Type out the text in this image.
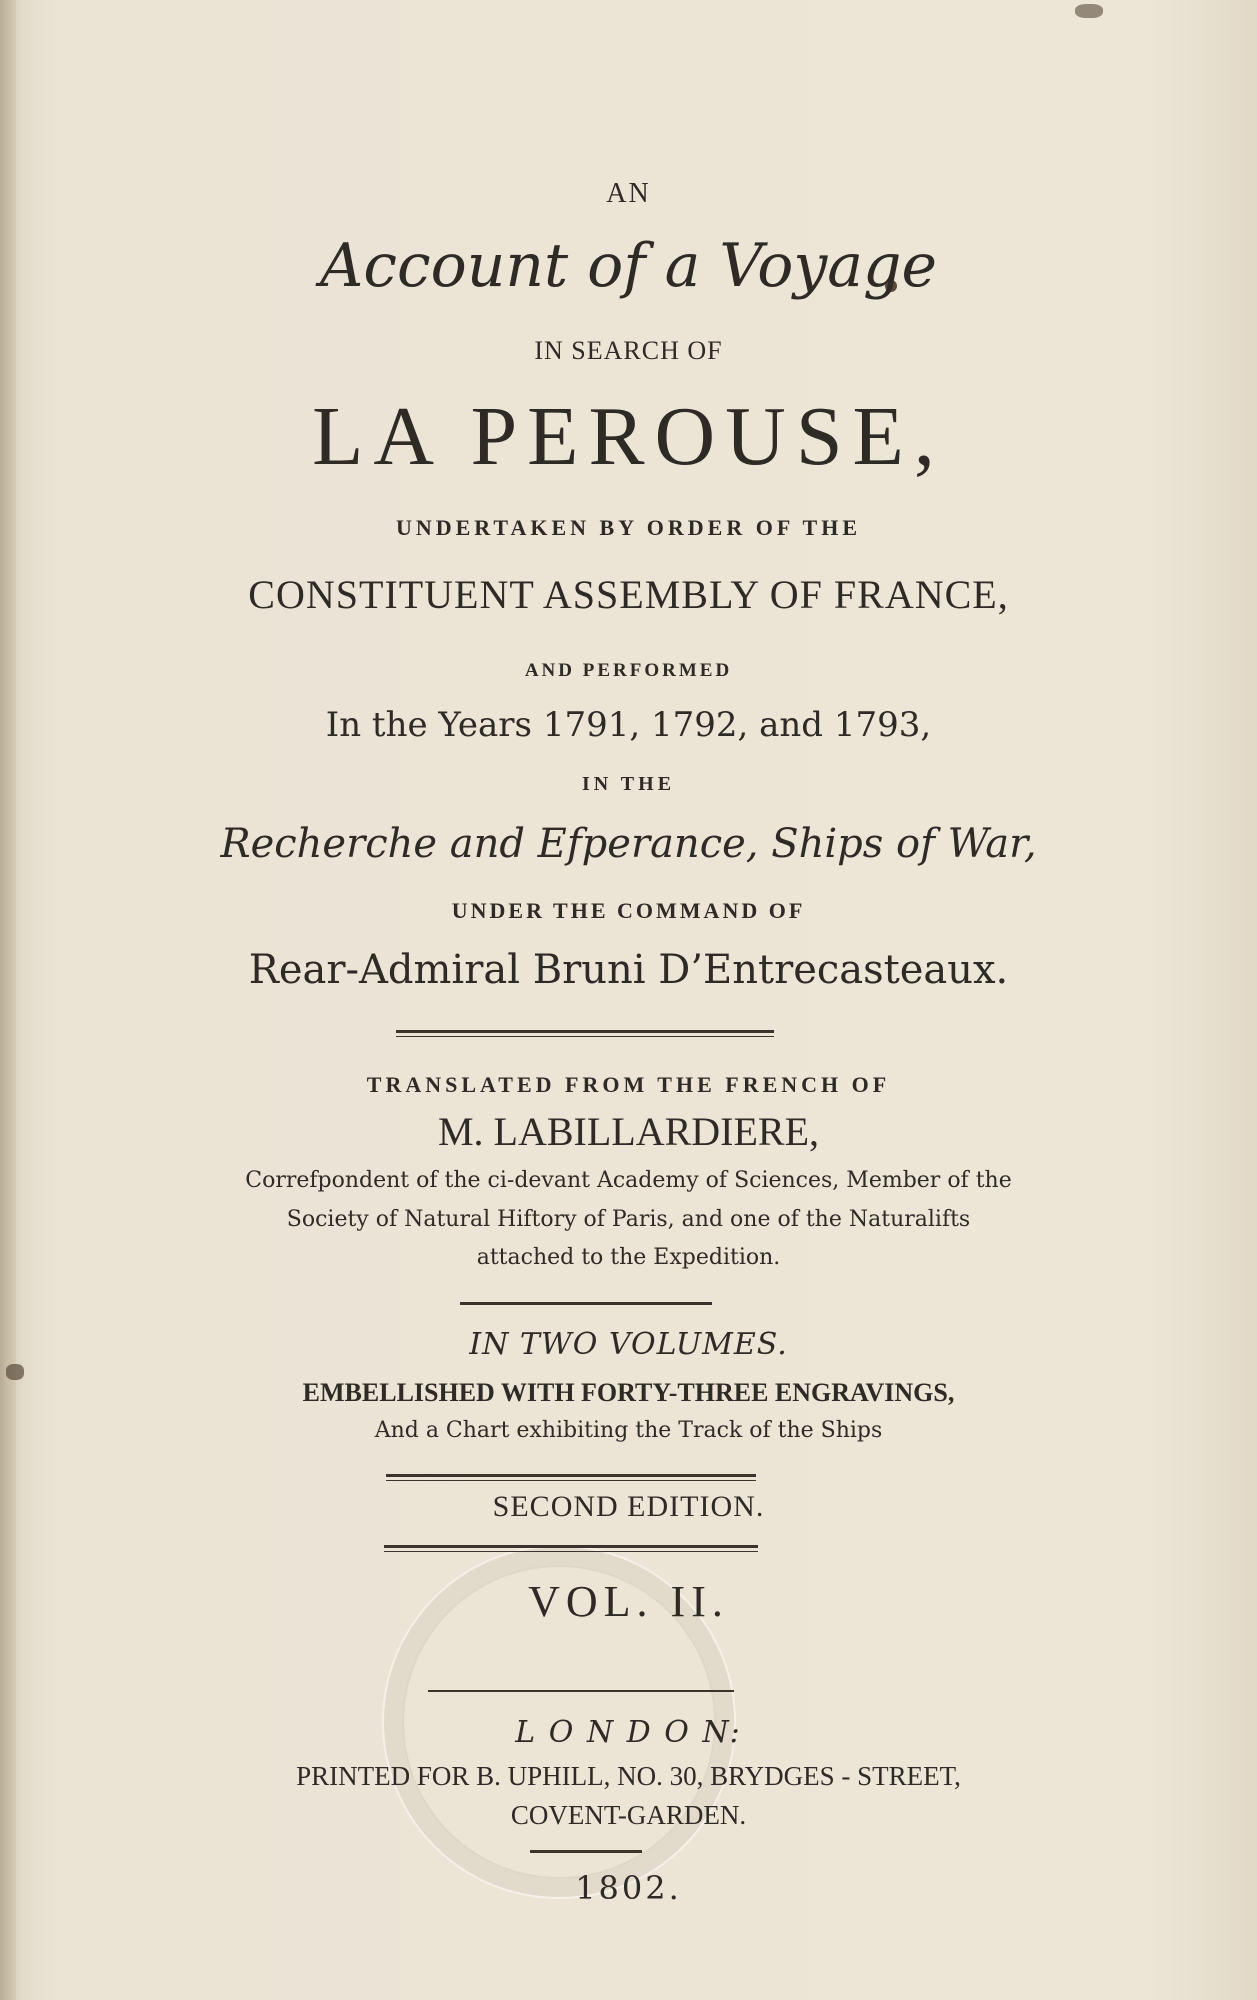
AN
Account of a Voyage
IN SEARCH OF
LA PEROUSE,
UNDERTAKEN BY ORDER OF THE
CONSTITUENT ASSEMBLY OF FRANCE,
AND PERFORMED
In the Years 1791, 1792, and 1793,
IN THE
Recherche and Efperance, Ships of War,
UNDER THE COMMAND OF
Rear-Admiral Bruni D’Entrecasteaux.
TRANSLATED FROM THE FRENCH OF
M. LABILLARDIERE,
Correfpondent of the ci-devant Academy of Sciences, Member of the
Society of Natural Hiftory of Paris, and one of the Naturalifts
attached to the Expedition.
IN TWO VOLUMES.
EMBELLISHED WITH FORTY-THREE ENGRAVINGS,
And a Chart exhibiting the Track of the Ships
SECOND EDITION.
VOL. II.
L O N D O N:
PRINTED FOR B. UPHILL, NO. 30, BRYDGES - STREET,
COVENT-GARDEN.
1802.
